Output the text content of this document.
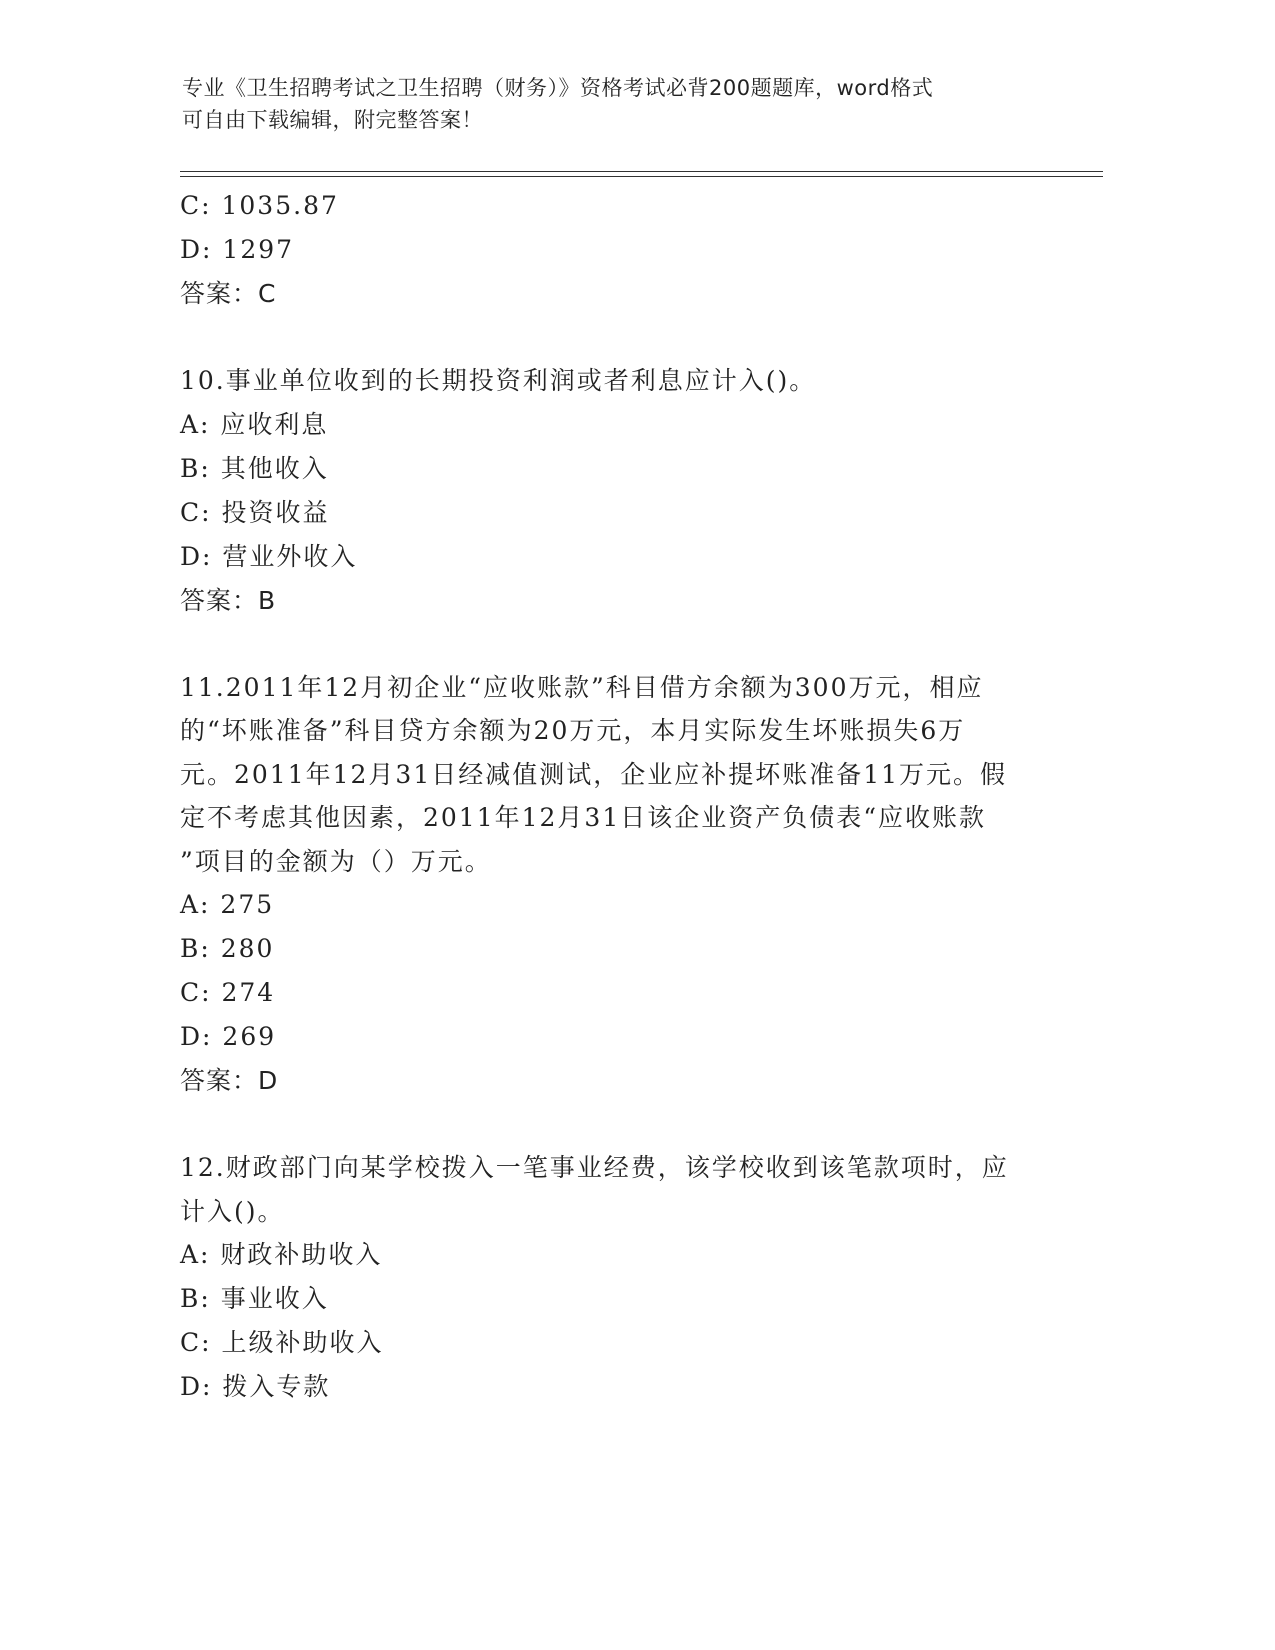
专业《卫生招聘考试之卫生招聘（财务）》资格考试必背200题题库，word格式
可自由下载编辑，附完整答案！
C: 1035.87
D: 1297
答案：C
10.事业单位收到的长期投资利润或者利息应计入()。
A: 应收利息
B: 其他收入
C: 投资收益
D: 营业外收入
答案：B
11.2011年12月初企业“应收账款”科目借方余额为300万元，相应
的“坏账准备”科目贷方余额为20万元，本月实际发生坏账损失6万
元。2011年12月31日经减值测试，企业应补提坏账准备11万元。假
定不考虑其他因素，2011年12月31日该企业资产负债表“应收账款
”项目的金额为（）万元。
A: 275
B: 280
C: 274
D: 269
答案：D
12.财政部门向某学校拨入一笔事业经费，该学校收到该笔款项时，应
计入()。
A: 财政补助收入
B: 事业收入
C: 上级补助收入
D: 拨入专款
